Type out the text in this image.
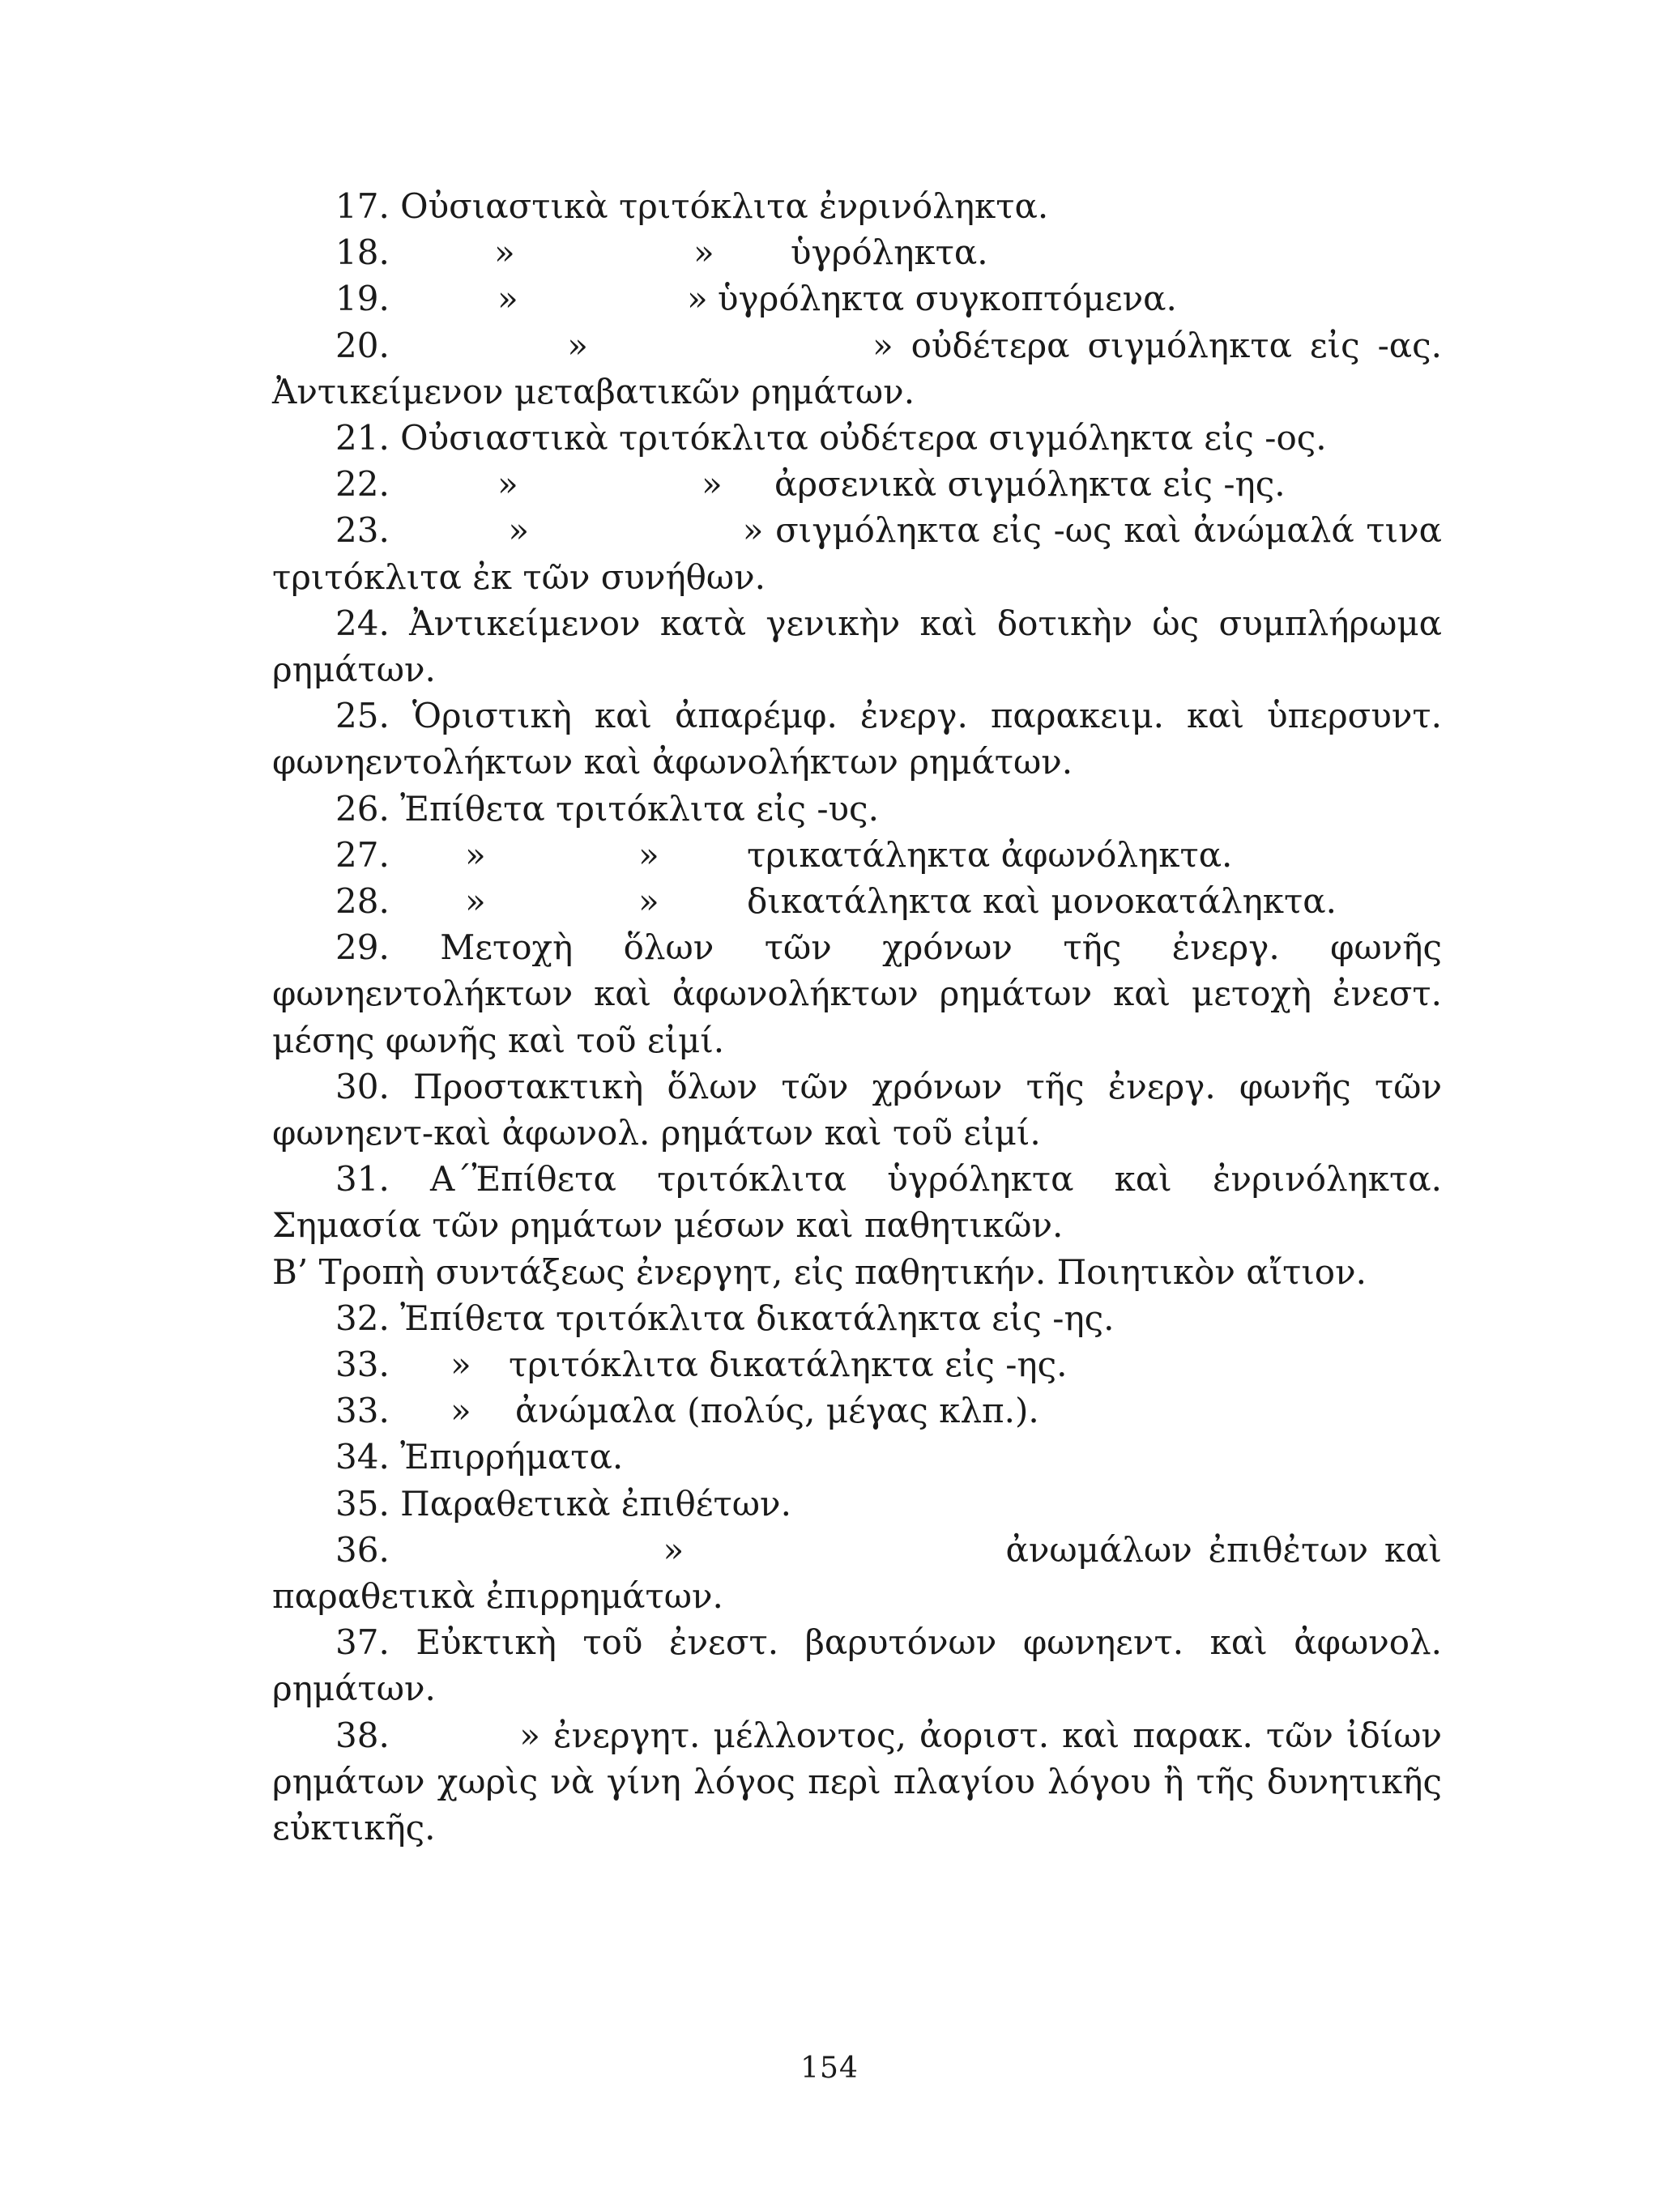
17. Οὐσιαστικὰ τριτόκλιτα ἐνρινόληκτα.

18.	»	» ὑγρόληκτα.
19.	»	» ὑγρόληκτα συγκοπτόμενα.

20.          »                » οὐδέτερα σιγμόληκτα εἰς -ας. Ἀντικείμενον μεταβατικῶν ρημάτων.

21. Οὐσιαστικὰ τριτόκλιτα οὐδέτερα σιγμόληκτα εἰς -ος.

22.	»	» ἀρσενικὰ σιγμόληκτα εἰς -ης.

23.          »                  » σιγμόληκτα εἰς -ως καὶ ἀνώμαλά τινα τριτόκλιτα ἐκ τῶν συνήθων.

24. Ἀντικείμενον κατὰ γενικὴν καὶ δοτικὴν ὡς συμπλήρωμα ρημάτων.

25. Ὁριστικὴ καὶ ἀπαρέμφ. ἐνεργ. παρακειμ. καὶ ὑπερσυντ. φωνηεντολήκτων καὶ ἀφωνολήκτων ρημάτων.

26. Ἐπίθετα τριτόκλιτα εἰς -υς.

27. »	»	τρικατάληκτα ἀφωνόληκτα.
28. »	»	δικατάληκτα καὶ μονοκατάληκτα.

29. Μετοχὴ ὅλων τῶν χρόνων τῆς ἐνεργ. φωνῆς φωνηεντολήκτων καὶ ἀφωνολήκτων ρημάτων καὶ μετοχὴ ἐνεστ. μέσης φωνῆς καὶ τοῦ εἰμί.

30. Προστακτικὴ ὅλων τῶν χρόνων τῆς ἐνεργ. φωνῆς τῶν φωνηεντ-καὶ ἀφωνολ. ρημάτων καὶ τοῦ εἰμί.

31. Α΄Ἐπίθετα τριτόκλιτα ὑγρόληκτα καὶ ἐνρινόληκτα. Σημασία τῶν ρημάτων μέσων καὶ παθητικῶν.

Β’ Τροπὴ συντάξεως ἐνεργητ, εἰς παθητικήν. Ποιητικὸν αἴτιον.

32. Ἐπίθετα τριτόκλιτα δικατάληκτα εἰς -ης.

33. » τριτόκλιτα δικατάληκτα εἰς -ης.
33. » ἀνώμαλα (πολύς, μέγας κλπ.).

34. Ἐπιρρήματα.

35. Παραθετικὰ ἐπιθέτων.

36.                 »                    ἀνωμάλων ἐπιθἐτων καὶ παραθετικὰ ἐπιρρημάτων.

37. Εὐκτικὴ τοῦ ἐνεστ. βαρυτόνων φωνηεντ. καὶ ἀφωνολ. ρημάτων.

38.          » ἐνεργητ. μέλλοντος, ἀοριστ. καὶ παρακ. τῶν ἰδίων ρημάτων χωρὶς νὰ γίνη λόγος περὶ πλαγίου λόγου ἢ τῆς δυνητικῆς εὐκτικῆς.

154
